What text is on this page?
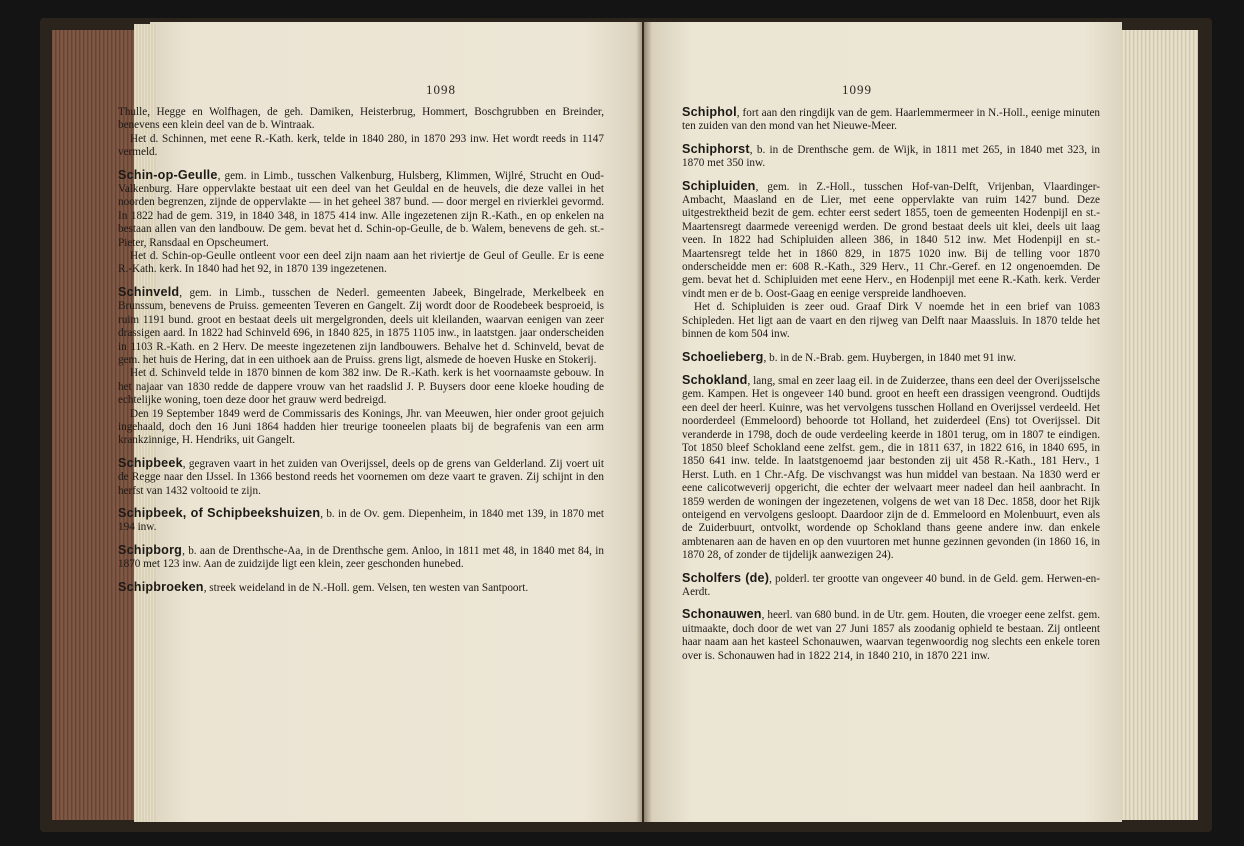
1098	1099

Thulle, Hegge en Wolfhagen, de geh. Damiken, Heisterbrug, Hommert, Boschgrubben en Breinder, benevens een klein deel van de b. Wintraak.

Het d. Schinnen, met eene R.-Kath. kerk, telde in 1840 280, in 1870 293 inw. Het wordt reeds in 1147 vermeld.

Schin-op-Geulle, gem. in Limb., tusschen Valkenburg, Hulsberg, Klimmen, Wijlré, Strucht en Oud-Valkenburg. Hare oppervlakte bestaat uit een deel van het Geuldal en de heuvels, die deze vallei in het noorden begrenzen, zijnde de oppervlakte — in het geheel 387 bund. — door mergel en rivierklei gevormd. In 1822 had de gem. 319, in 1840 348, in 1875 414 inw. Alle ingezetenen zijn R.-Kath., en op enkelen na bestaan allen van den landbouw. De gem. bevat het d. Schin-op-Geulle, de b. Walem, benevens de geh. st.-Pieter, Ransdaal en Opscheumert.

Het d. Schin-op-Geulle ontleent voor een deel zijn naam aan het riviertje de Geul of Geulle. Er is eene R.-Kath. kerk. In 1840 had het 92, in 1870 139 ingezetenen.

Schinveld, gem. in Limb., tusschen de Nederl. gemeenten Jabeek, Bingelrade, Merkelbeek en Brunssum, benevens de Pruiss. gemeenten Teveren en Gangelt. Zij wordt door de Roodebeek besproeid, is ruim 1191 bund. groot en bestaat deels uit mergelgronden, deels uit kleilanden, waarvan eenigen van zeer drassigen aard. In 1822 had Schinveld 696, in 1840 825, in 1875 1105 inw., in laatstgen. jaar onderscheiden in 1103 R.-Kath. en 2 Herv. De meeste ingezetenen zijn landbouwers. Behalve het d. Schinveld, bevat de gem. het huis de Hering, dat in een uithoek aan de Pruiss. grens ligt, alsmede de hoeven Huske en Stokerij.

Het d. Schinveld telde in 1870 binnen de kom 382 inw. De R.-Kath. kerk is het voornaamste gebouw. In het najaar van 1830 redde de dappere vrouw van het raadslid J. P. Buysers door eene kloeke houding de echtelijke woning, toen deze door het grauw werd bedreigd.

Den 19 September 1849 werd de Commissaris des Konings, Jhr. van Meeuwen, hier onder groot gejuich ingehaald, doch den 16 Juni 1864 hadden hier treurige tooneelen plaats bij de begrafenis van een arm krankzinnige, H. Hendriks, uit Gangelt.

Schipbeek, gegraven vaart in het zuiden van Overijssel, deels op de grens van Gelderland. Zij voert uit de Regge naar den IJssel. In 1366 bestond reeds het voornemen om deze vaart te graven. Zij schijnt in den herfst van 1432 voltooid te zijn.

Schipbeek, of Schipbeekshuizen, b. in de Ov. gem. Diepenheim, in 1840 met 139, in 1870 met 194 inw.

Schipborg, b. aan de Drenthsche-Aa, in de Drenthsche gem. Anloo, in 1811 met 48, in 1840 met 84, in 1870 met 123 inw. Aan de zuidzijde ligt een klein, zeer geschonden hunebed.

Schipbroeken, streek weideland in de N.-Holl. gem. Velsen, ten westen van Santpoort.

Schiphol, fort aan den ringdijk van de gem. Haarlemmermeer in N.-Holl., eenige minuten ten zuiden van den mond van het Nieuwe-Meer.

Schiphorst, b. in de Drenthsche gem. de Wijk, in 1811 met 265, in 1840 met 323, in 1870 met 350 inw.

Schipluiden, gem. in Z.-Holl., tusschen Hof-van-Delft, Vrijenban, Vlaardinger-Ambacht, Maasland en de Lier, met eene oppervlakte van ruim 1427 bund. Deze uitgestrektheid bezit de gem. echter eerst sedert 1855, toen de gemeenten Hodenpijl en st.-Maartensregt daarmede vereenigd werden. De grond bestaat deels uit klei, deels uit laag veen. In 1822 had Schipluiden alleen 386, in 1840 512 inw. Met Hodenpijl en st.-Maartensregt telde het in 1860 829, in 1875 1020 inw. Bij de telling voor 1870 onderscheidde men er: 608 R.-Kath., 329 Herv., 11 Chr.-Geref. en 12 ongenoemden. De gem. bevat het d. Schipluiden met eene Herv., en Hodenpijl met eene R.-Kath. kerk. Verder vindt men er de b. Oost-Gaag en eenige verspreide landhoeven.

Het d. Schipluiden is zeer oud. Graaf Dirk V noemde het in een brief van 1083 Schipleden. Het ligt aan de vaart en den rijweg van Delft naar Maassluis. In 1870 telde het binnen de kom 504 inw.

Schoelieberg, b. in de N.-Brab. gem. Huybergen, in 1840 met 91 inw.

Schokland, lang, smal en zeer laag eil. in de Zuiderzee, thans een deel der Overijsselsche gem. Kampen. Het is ongeveer 140 bund. groot en heeft een drassigen veengrond. Oudtijds een deel der heerl. Kuinre, was het vervolgens tusschen Holland en Overijssel verdeeld. Het noorderdeel (Emmeloord) behoorde tot Holland, het zuiderdeel (Ens) tot Overijssel. Dit veranderde in 1798, doch de oude verdeeling keerde in 1801 terug, om in 1807 te eindigen. Tot 1850 bleef Schokland eene zelfst. gem., die in 1811 637, in 1822 616, in 1840 695, in 1850 641 inw. telde. In laatstgenoemd jaar bestonden zij uit 458 R.-Kath., 181 Herv., 1 Herst. Luth. en 1 Chr.-Afg. De vischvangst was hun middel van bestaan. Na 1830 werd er eene calicotweverij opgericht, die echter der welvaart meer nadeel dan heil aanbracht. In 1859 werden de woningen der ingezetenen, volgens de wet van 18 Dec. 1858, door het Rijk onteigend en vervolgens gesloopt. Daardoor zijn de d. Emmeloord en Molenbuurt, even als de Zuiderbuurt, ontvolkt, wordende op Schokland thans geene andere inw. dan enkele ambtenaren aan de haven en op den vuurtoren met hunne gezinnen gevonden (in 1860 16, in 1870 28, of zonder de tijdelijk aanwezigen 24).

Scholfers (de), polderl. ter grootte van ongeveer 40 bund. in de Geld. gem. Herwen-en-Aerdt.

Schonauwen, heerl. van 680 bund. in de Utr. gem. Houten, die vroeger eene zelfst. gem. uitmaakte, doch door de wet van 27 Juni 1857 als zoodanig ophield te bestaan. Zij ontleent haar naam aan het kasteel Schonauwen, waarvan tegenwoordig nog slechts een enkele toren over is. Schonauwen had in 1822 214, in 1840 210, in 1870 221 inw.
